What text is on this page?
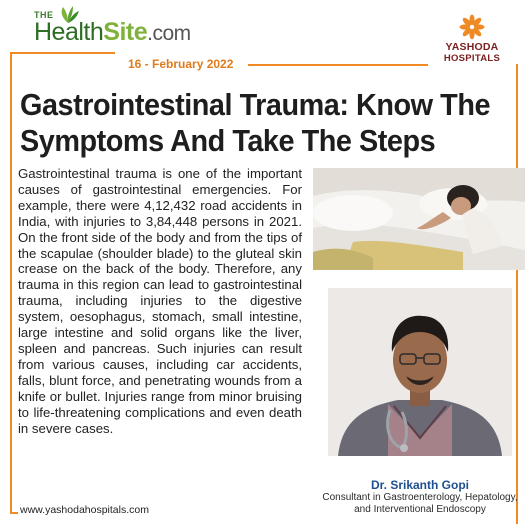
THE
HealthSite.com
YASHODA
HOSPITALS
16 - February 2022
Gastrointestinal Trauma: Know The
Symptoms And Take The Steps
Gastrointestinal trauma is one of the important causes of gastrointestinal emergencies. For example, there were 4,12,432 road accidents in India, with injuries to 3,84,448 persons in 2021. On the front side of the body and from the tips of the scapulae (shoulder blade) to the gluteal skin crease on the back of the body. Therefore, any trauma in this region can lead to gastrointestinal trauma, including injuries to the digestive system, oesophagus, stomach, small intestine, large intestine and solid organs like the liver, spleen and pancreas. Such injuries can result from various causes, including car accidents, falls, blunt force, and penetrating wounds from a knife or bullet. Injuries range from minor bruising to life-threatening complications and even death in severe cases.
Dr. Srikanth Gopi
Consultant in Gastroenterology, Hepatology,
and Interventional Endoscopy
www.yashodahospitals.com
